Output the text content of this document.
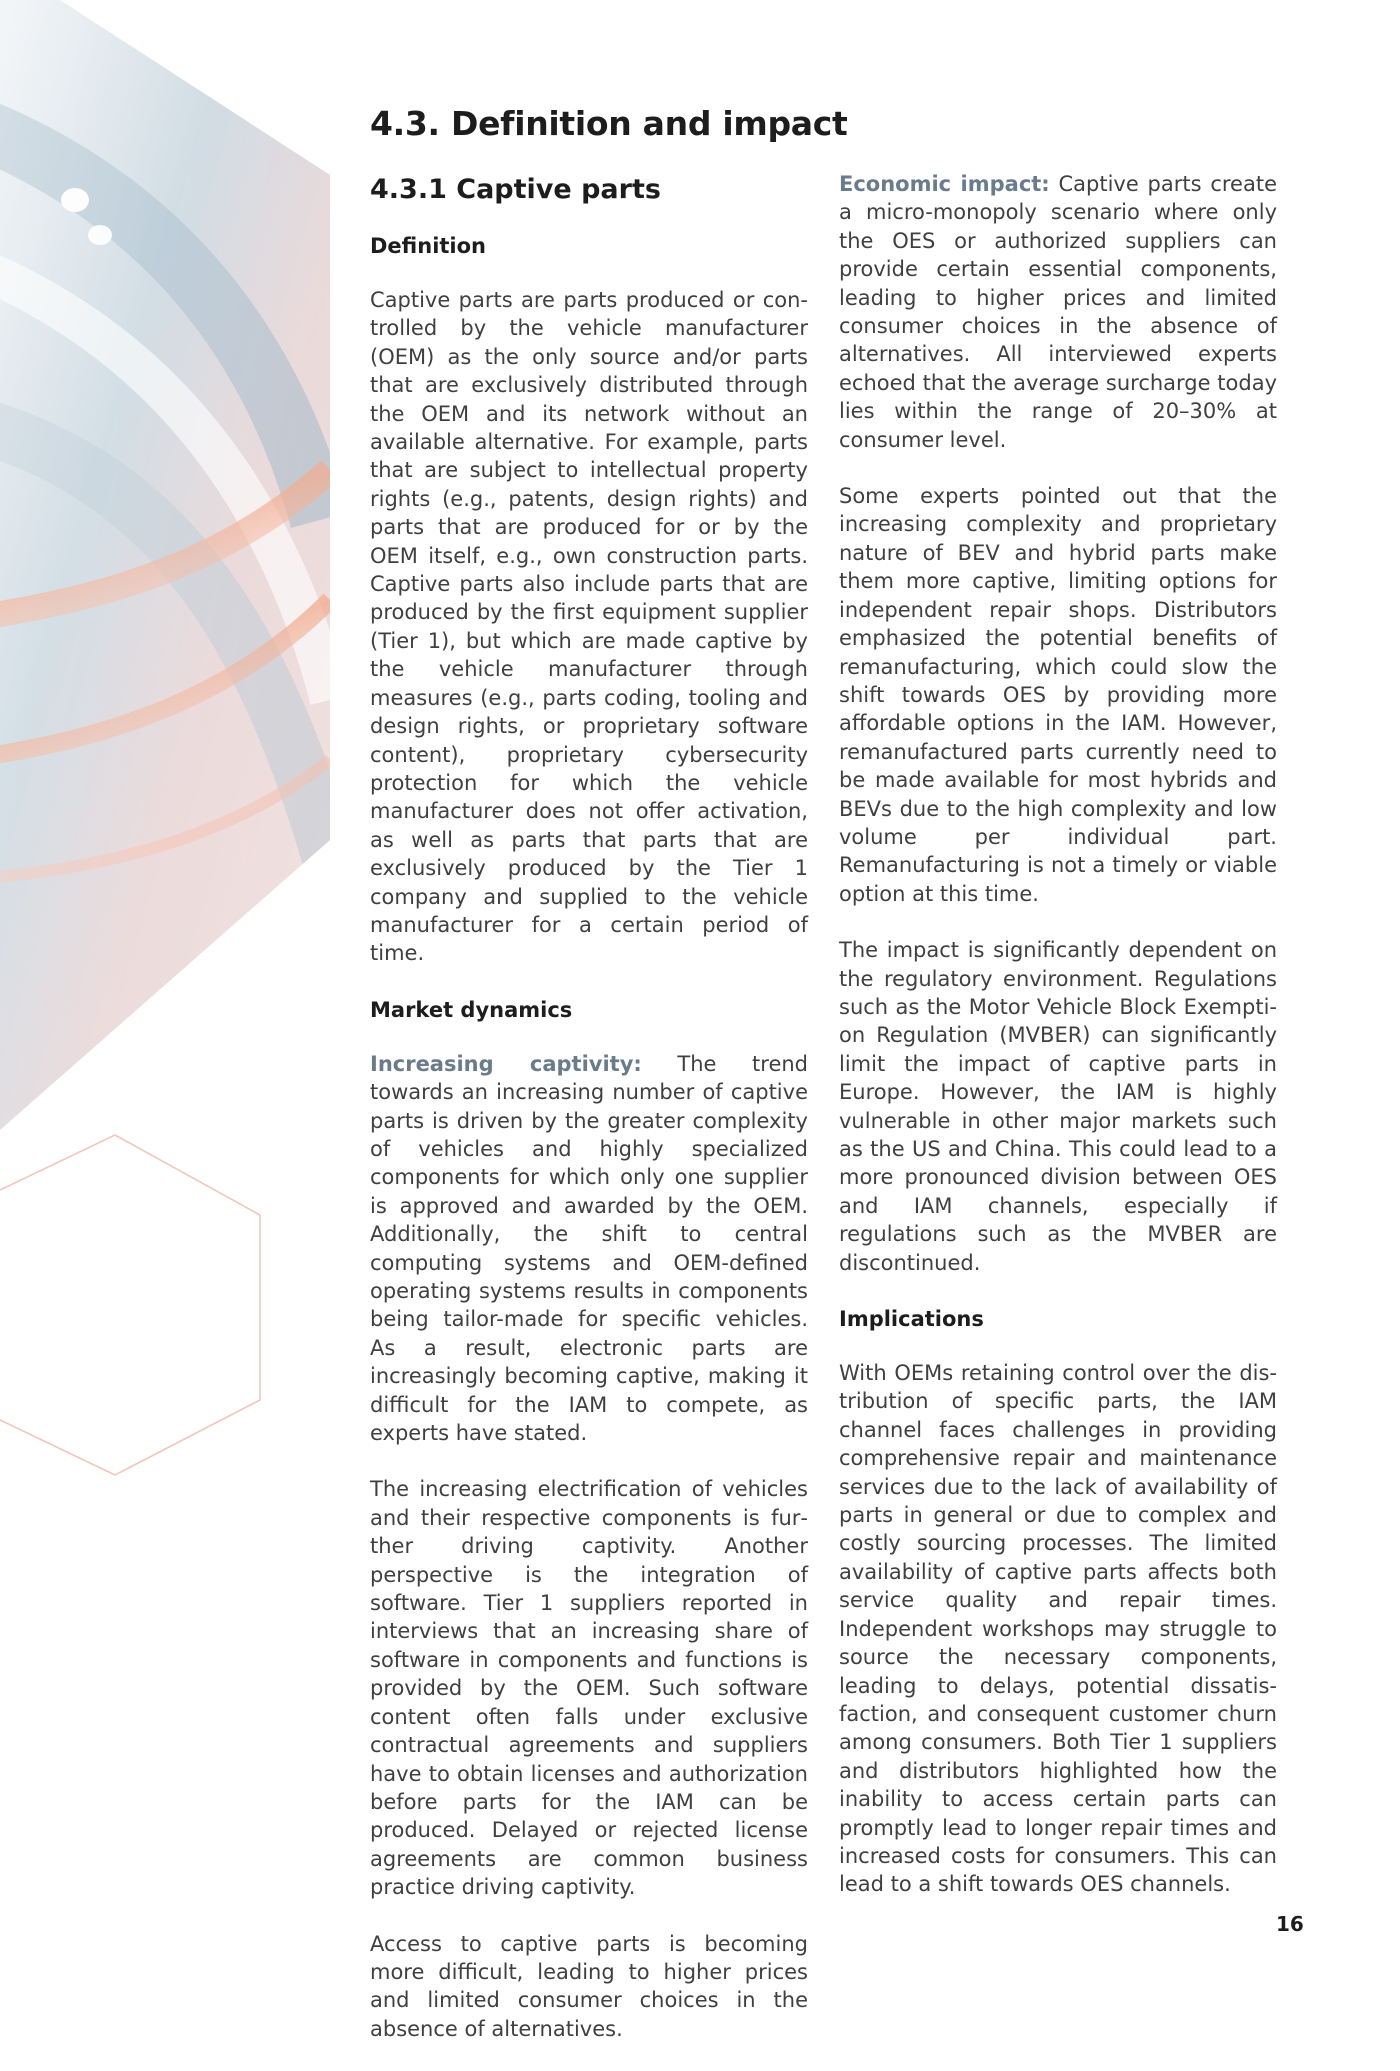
4.3. Definition and impact
4.3.1 Captive parts
Definition

Captive parts are parts produced or controlled by the vehicle manufacturer (OEM) as the only source and/or parts that are exclusively distributed through the OEM and its network without an available alternative. For example, parts that are subject to intellectual property rights (e.g., patents, design rights) and parts that are produced for or by the OEM itself, e.g., own construction parts. Captive parts also include parts that are produced by the first equipment supplier (Tier 1), but which are made captive by the vehicle manufacturer through measures (e.g., parts coding, tooling and design rights, or proprietary software content), proprietary cybersecurity protection for which the vehicle manufacturer does not offer activation, as well as parts that parts that are exclusively produced by the Tier 1 company and supplied to the vehicle manufacturer for a certain period of time.

Market dynamics

Increasing captivity: The trend towards an increasing number of captive parts is driven by the greater complexity of vehicles and highly specialized components for which only one supplier is approved and awarded by the OEM. Additionally, the shift to central computing systems and OEM-defined operating systems results in components being tailor-made for specific vehicles. As a result, electronic parts are increasingly becoming captive, making it difficult for the IAM to compete, as experts have stated.

The increasing electrification of vehicles and their respective components is further driving captivity. Another perspective is the integration of software. Tier 1 suppliers reported in interviews that an increasing share of software in components and functions is provided by the OEM. Such software content often falls under exclusive contractual agreements and suppliers have to obtain licenses and authorization before parts for the IAM can be produced. Delayed or rejected license agreements are common business practice driving captivity.

Access to captive parts is becoming more difficult, leading to higher prices and limited consumer choices in the absence of alternatives.

Economic impact: Captive parts create a micro-monopoly scenario where only the OES or authorized suppliers can provide certain essential components, leading to higher prices and limited consumer choices in the absence of alternatives. All interviewed experts echoed that the average surcharge today lies within the range of 20–30% at consumer level.

Some experts pointed out that the increasing complexity and proprietary nature of BEV and hybrid parts make them more captive, limiting options for independent repair shops. Distributors emphasized the potential benefits of remanufacturing, which could slow the shift towards OES by providing more affordable options in the IAM. However, remanufactured parts currently need to be made available for most hybrids and BEVs due to the high complexity and low volume per individual part. Remanufacturing is not a timely or viable option at this time.

The impact is significantly dependent on the regulatory environment. Regulations such as the Motor Vehicle Block Exemption Regulation (MVBER) can significantly limit the impact of captive parts in Europe. However, the IAM is highly vulnerable in other major markets such as the US and China. This could lead to a more pronounced division between OES and IAM channels, especially if regulations such as the MVBER are discontinued.

Implications

With OEMs retaining control over the distribution of specific parts, the IAM channel faces challenges in providing comprehensive repair and maintenance services due to the lack of availability of parts in general or due to complex and costly sourcing processes. The limited availability of captive parts affects both service quality and repair times. Independent workshops may struggle to source the necessary components, leading to delays, potential dissatisfaction, and consequent customer churn among consumers. Both Tier 1 suppliers and distributors highlighted how the inability to access certain parts can promptly lead to longer repair times and increased costs for consumers. This can lead to a shift towards OES channels.

16
